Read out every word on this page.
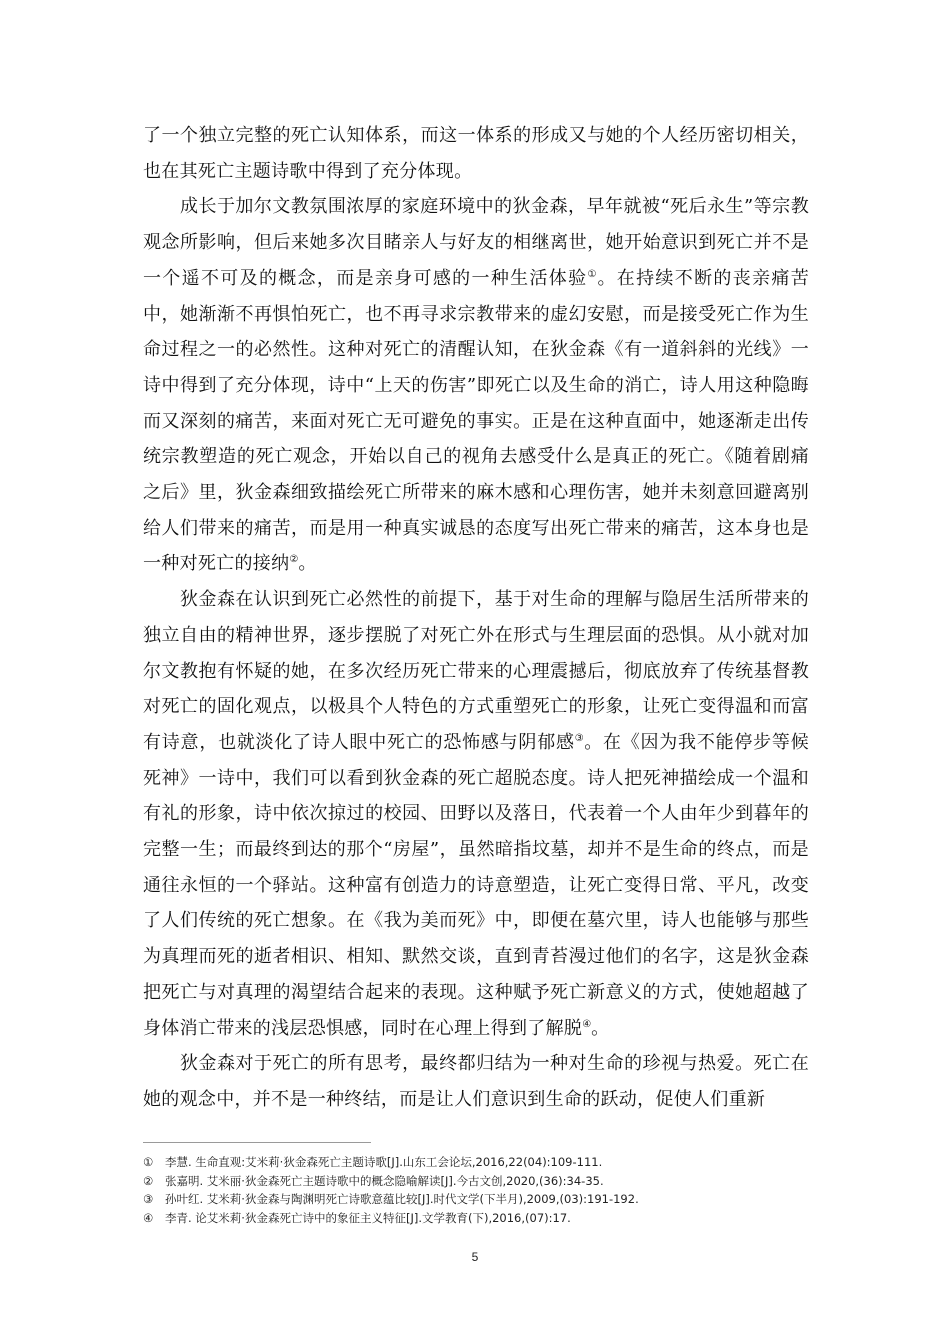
了一个独立完整的死亡认知体系，而这一体系的形成又与她的个人经历密切相关，也在其死亡主题诗歌中得到了充分体现。

成长于加尔文教氛围浓厚的家庭环境中的狄金森，早年就被“死后永生”等宗教观念所影响，但后来她多次目睹亲人与好友的相继离世，她开始意识到死亡并不是一个遥不可及的概念，而是亲身可感的一种生活体验①。在持续不断的丧亲痛苦中，她渐渐不再惧怕死亡，也不再寻求宗教带来的虚幻安慰，而是接受死亡作为生命过程之一的必然性。这种对死亡的清醒认知，在狄金森《有一道斜斜的光线》一诗中得到了充分体现，诗中“上天的伤害”即死亡以及生命的消亡，诗人用这种隐晦而又深刻的痛苦，来面对死亡无可避免的事实。正是在这种直面中，她逐渐走出传统宗教塑造的死亡观念，开始以自己的视角去感受什么是真正的死亡。《随着剧痛之后》里，狄金森细致描绘死亡所带来的麻木感和心理伤害，她并未刻意回避离别给人们带来的痛苦，而是用一种真实诚恳的态度写出死亡带来的痛苦，这本身也是一种对死亡的接纳②。

狄金森在认识到死亡必然性的前提下，基于对生命的理解与隐居生活所带来的独立自由的精神世界，逐步摆脱了对死亡外在形式与生理层面的恐惧。从小就对加尔文教抱有怀疑的她，在多次经历死亡带来的心理震撼后，彻底放弃了传统基督教对死亡的固化观点，以极具个人特色的方式重塑死亡的形象，让死亡变得温和而富有诗意，也就淡化了诗人眼中死亡的恐怖感与阴郁感③。在《因为我不能停步等候死神》一诗中，我们可以看到狄金森的死亡超脱态度。诗人把死神描绘成一个温和有礼的形象，诗中依次掠过的校园、田野以及落日，代表着一个人由年少到暮年的完整一生；而最终到达的那个“房屋”，虽然暗指坟墓，却并不是生命的终点，而是通往永恒的一个驿站。这种富有创造力的诗意塑造，让死亡变得日常、平凡，改变了人们传统的死亡想象。在《我为美而死》中，即便在墓穴里，诗人也能够与那些为真理而死的逝者相识、相知、默然交谈，直到青苔漫过他们的名字，这是狄金森把死亡与对真理的渴望结合起来的表现。这种赋予死亡新意义的方式，使她超越了身体消亡带来的浅层恐惧感，同时在心理上得到了解脱④。

狄金森对于死亡的所有思考，最终都归结为一种对生命的珍视与热爱。死亡在她的观念中，并不是一种终结，而是让人们意识到生命的跃动，促使人们重新

①	李慧. 生命直观:艾米莉·狄金森死亡主题诗歌[J].山东工会论坛,2016,22(04):109-111.
②	张嘉明. 艾米丽·狄金森死亡主题诗歌中的概念隐喻解读[J].今古文创,2020,(36):34-35.
③	孙叶红. 艾米莉·狄金森与陶渊明死亡诗歌意蕴比较[J].时代文学(下半月),2009,(03):191-192.
④	李青. 论艾米莉·狄金森死亡诗中的象征主义特征[J].文学教育(下),2016,(07):17.
5
